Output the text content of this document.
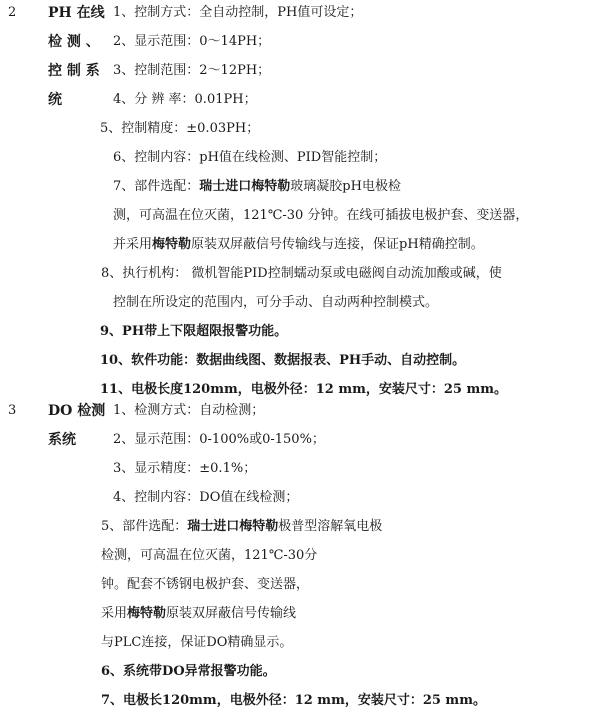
2 PH 在线
检 测 、
控 制 系
统
1、控制方式：全自动控制，PH值可设定；
2、显示范围：0～14PH；
3、控制范围：2～12PH；
4、分 辨 率：0.01PH；
5、控制精度：±0.03PH；
6、控制内容：pH值在线检测、PID智能控制；
7、部件选配：瑞士进口梅特勒玻璃凝胶pH电极检
测，可高温在位灭菌，121℃-30 分钟。在线可插拔电极护套、变送器，
并采用梅特勒原装双屏蔽信号传输线与连接，保证pH精确控制。
8、执行机构： 微机智能PID控制蠕动泵或电磁阀自动流加酸或碱，使
控制在所设定的范围内，可分手动、自动两种控制模式。
9、PH带上下限超限报警功能。
10、软件功能：数据曲线图、数据报表、PH手动、自动控制。
11、电极长度120mm，电极外径：12 mm，安装尺寸：25 mm。
3 DO 检测
系统
1、检测方式：自动检测；
2、显示范围：0-100%或0-150%；
3、显示精度：±0.1%；
4、控制内容：DO值在线检测；
5、部件选配：瑞士进口梅特勒极普型溶解氧电极
检测，可高温在位灭菌，121℃-30分
钟。配套不锈钢电极护套、变送器，
采用梅特勒原装双屏蔽信号传输线
与PLC连接，保证DO精确显示。
6、系统带DO异常报警功能。
7、电极长120mm，电极外径：12 mm，安装尺寸：25 mm。
